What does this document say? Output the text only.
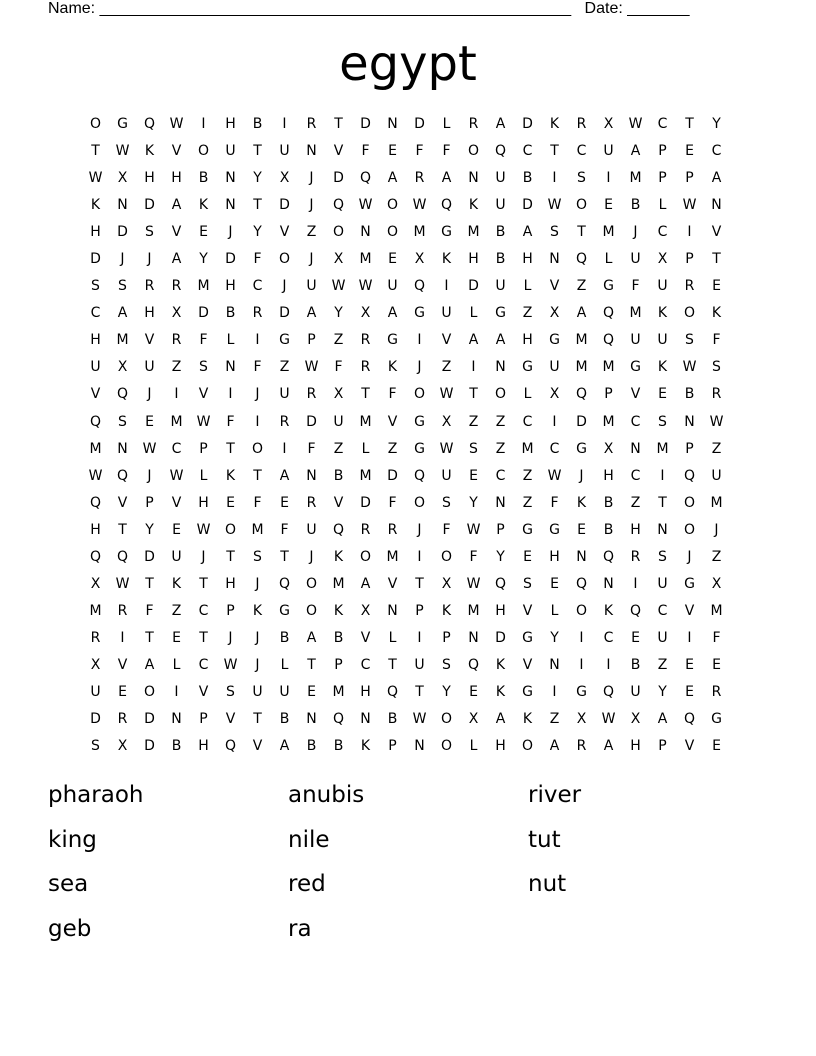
Name: _____________________________________________________ Date: _______
egypt
O	G	Q	W	I	H	B	I	R	T	D	N	D	L	R	A	D	K	R	X	W	C	T	Y
T	W	K	V	O	U	T	U	N	V	F	E	F	F	O	Q	C	T	C	U	A	P	E	C
W	X	H	H	B	N	Y	X	J	D	Q	A	R	A	N	U	B	I	S	I	M	P	P	A
K	N	D	A	K	N	T	D	J	Q	W	O	W	Q	K	U	D	W	O	E	B	L	W	N
H	D	S	V	E	J	Y	V	Z	O	N	O	M	G	M	B	A	S	T	M	J	C	I	V
D	J	J	A	Y	D	F	O	J	X	M	E	X	K	H	B	H	N	Q	L	U	X	P	T
S	S	R	R	M	H	C	J	U	W W	U	Q	I	D	U	L	V	Z	G	F	U	R	E
C	A	H	X	D	B	R	D	A	Y	X	A	G	U	L	G	Z	X	A	Q	M	K	O	K
H	M	V	R	F	L	I	G	P	Z	R	G	I	V	A	A	H	G	M	Q	U	U	S	F
U	X	U	Z	S	N	F	Z	W	F	R	K	J	Z	I	N	G	U	M	M	G	K	W	S
V	Q	J	I	V	I	J	U	R	X	T	F	O	W	T	O	L	X	Q	P	V	E	B	R
Q	S	E	M	W	F	I	R	D	U	M	V	G	X	Z	Z	C	I	D	M	C	S	N	W
M	N	W	C	P	T	O	I	F	Z	L	Z	G	W	S	Z	M	C	G	X	N	M	P	Z
W	Q	J	W	L	K	T	A	N	B	M	D	Q	U	E	C	Z	W	J	H	C	I	Q	U
Q	V	P	V	H	E	F	E	R	V	D	F	O	S	Y	N	Z	F	K	B	Z	T	O	M
H	T	Y	E	W	O	M	F	U	Q	R	R	J	F	W	P	G	G	E	B	H	N	O	J
Q	Q	D	U	J	T	S	T	J	K	O	M	I	O	F	Y	E	H	N	Q	R	S	J	Z
X	W	T	K	T	H	J	Q	O	M	A	V	T	X	W	Q	S	E	Q	N	I	U	G	X
M	R	F	Z	C	P	K	G	O	K	X	N	P	K	M	H	V	L	O	K	Q	C	V	M
R	I	T	E	T	J	J	B	A	B	V	L	I	P	N	D	G	Y	I	C	E	U	I	F
X	V	A	L	C	W	J	L	T	P	C	T	U	S	Q	K	V	N	I	I	B	Z	E	E
U	E	O	I	V	S	U	U	E	M	H	Q	T	Y	E	K	G	I	G	Q	U	Y	E	R
D	R	D	N	P	V	T	B	N	Q	N	B	W	O	X	A	K	Z	X	W	X	A	Q	G
S	X	D	B	H	Q	V	A	B	B	K	P	N	O	L	H	O	A	R	A	H	P	V	E
pharaoh	anubis	river
king	nile	tut
sea	red	nut
geb	ra
